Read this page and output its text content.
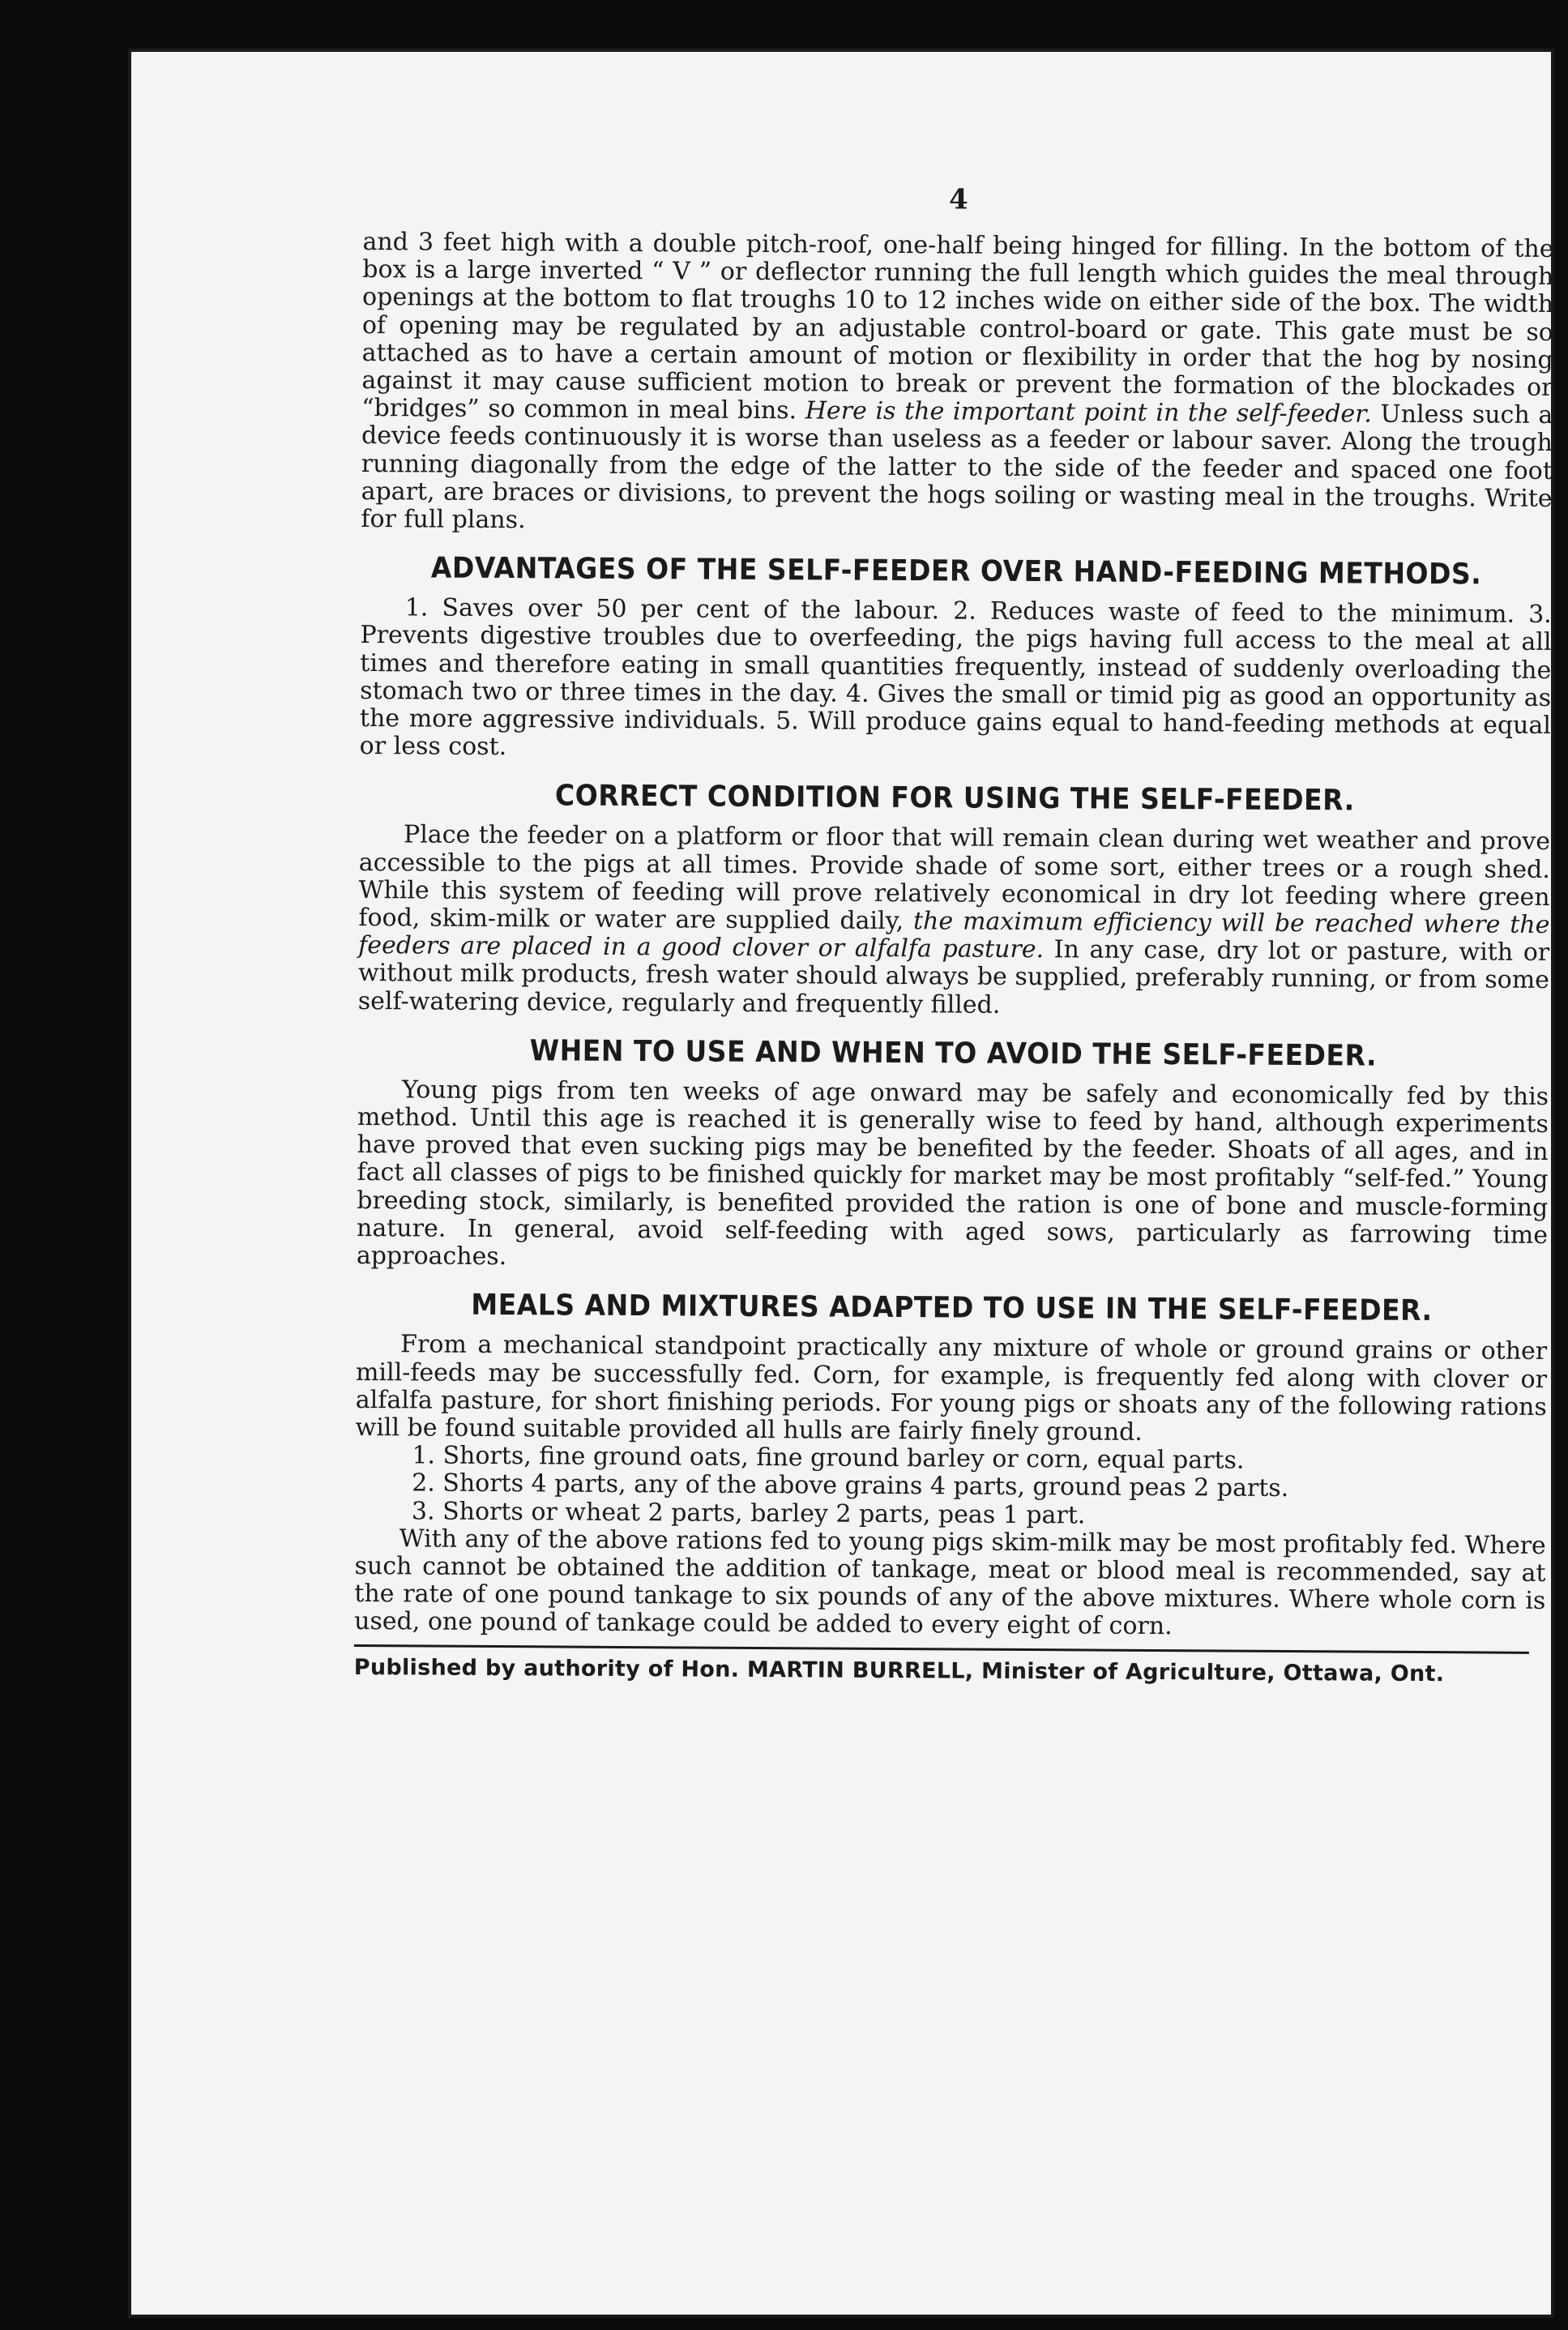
4

and 3 feet high with a double pitch-roof, one-half being hinged for filling. In the bottom of the box is a large inverted “ V ” or deflector running the full length which guides the meal through openings at the bottom to flat troughs 10 to 12 inches wide on either side of the box. The width of opening may be regulated by an adjustable control-board or gate. This gate must be so attached as to have a certain amount of motion or flexibility in order that the hog by nosing against it may cause sufficient motion to break or prevent the formation of the blockades or “bridges” so common in meal bins. Here is the important point in the self-feeder. Unless such a device feeds continuously it is worse than useless as a feeder or labour saver. Along the trough running diagonally from the edge of the latter to the side of the feeder and spaced one foot apart, are braces or divisions, to prevent the hogs soiling or wasting meal in the troughs. Write for full plans.

ADVANTAGES OF THE SELF-FEEDER OVER HAND-FEEDING METHODS.

1. Saves over 50 per cent of the labour. 2. Reduces waste of feed to the minimum. 3. Prevents digestive troubles due to overfeeding, the pigs having full access to the meal at all times and therefore eating in small quantities frequently, instead of suddenly overloading the stomach two or three times in the day. 4. Gives the small or timid pig as good an opportunity as the more aggressive individuals. 5. Will produce gains equal to hand-feeding methods at equal or less cost.

CORRECT CONDITION FOR USING THE SELF-FEEDER.

Place the feeder on a platform or floor that will remain clean during wet weather and prove accessible to the pigs at all times. Provide shade of some sort, either trees or a rough shed. While this system of feeding will prove relatively economical in dry lot feeding where green food, skim-milk or water are supplied daily, the maximum efficiency will be reached where the feeders are placed in a good clover or alfalfa pasture. In any case, dry lot or pasture, with or without milk products, fresh water should always be supplied, preferably running, or from some self-watering device, regularly and frequently filled.

WHEN TO USE AND WHEN TO AVOID THE SELF-FEEDER.

Young pigs from ten weeks of age onward may be safely and economically fed by this method. Until this age is reached it is generally wise to feed by hand, although experiments have proved that even sucking pigs may be benefited by the feeder. Shoats of all ages, and in fact all classes of pigs to be finished quickly for market may be most profitably “self-fed.” Young breeding stock, similarly, is benefited provided the ration is one of bone and muscle-forming nature. In general, avoid self-feeding with aged sows, particularly as farrowing time approaches.

MEALS AND MIXTURES ADAPTED TO USE IN THE SELF-FEEDER.

From a mechanical standpoint practically any mixture of whole or ground grains or other mill-feeds may be successfully fed. Corn, for example, is frequently fed along with clover or alfalfa pasture, for short finishing periods. For young pigs or shoats any of the following rations will be found suitable provided all hulls are fairly finely ground.

1. Shorts, fine ground oats, fine ground barley or corn, equal parts.
2. Shorts 4 parts, any of the above grains 4 parts, ground peas 2 parts.
3. Shorts or wheat 2 parts, barley 2 parts, peas 1 part.

With any of the above rations fed to young pigs skim-milk may be most profitably fed. Where such cannot be obtained the addition of tankage, meat or blood meal is recommended, say at the rate of one pound tankage to six pounds of any of the above mixtures. Where whole corn is used, one pound of tankage could be added to every eight of corn.

Published by authority of Hon. MARTIN BURRELL, Minister of Agriculture, Ottawa, Ont.
